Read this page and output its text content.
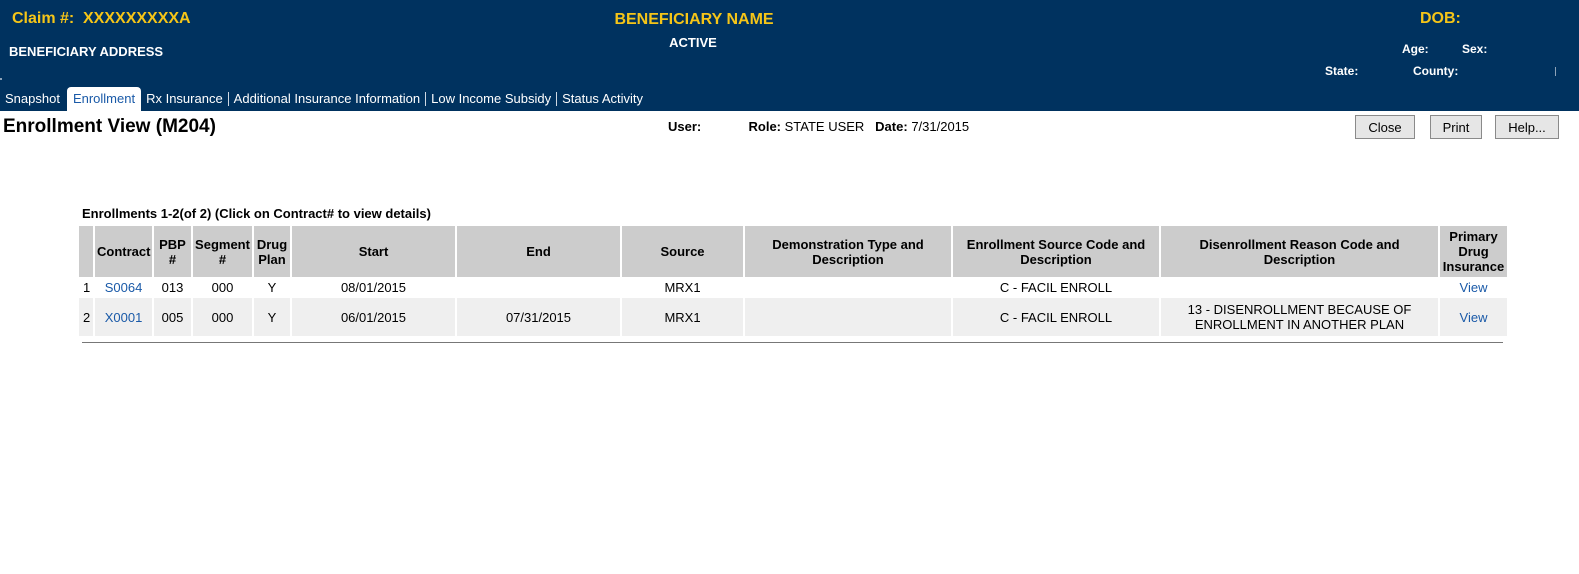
Claim #: XXXXXXXXXA	BENEFICIARY NAME
ACTIVE
BENEFICIARY ADDRESS
DOB:
Age:	Sex:
State:	County:
Snapshot	Enrollment Rx Insurance Additional Insurance Information Low Income Subsidy Status Activity
Enrollment View (M204)	User:	Role: STATE USER Date: 7/31/2015	Close	Print	Help...
Enrollments 1-2(of 2) (Click on Contract# to view details)
	Contract	PBP #	Segment #	Drug Plan	Start	End	Source	Demonstration Type and Description	Enrollment Source Code and Description	Disenrollment Reason Code and Description	Primary Drug Insurance
1	S0064	013	000	Y	08/01/2015		MRX1		C - FACIL ENROLL		View
2	X0001	005	000	Y	06/01/2015	07/31/2015	MRX1		C - FACIL ENROLL	13 - DISENROLLMENT BECAUSE OF ENROLLMENT IN ANOTHER PLAN	View
